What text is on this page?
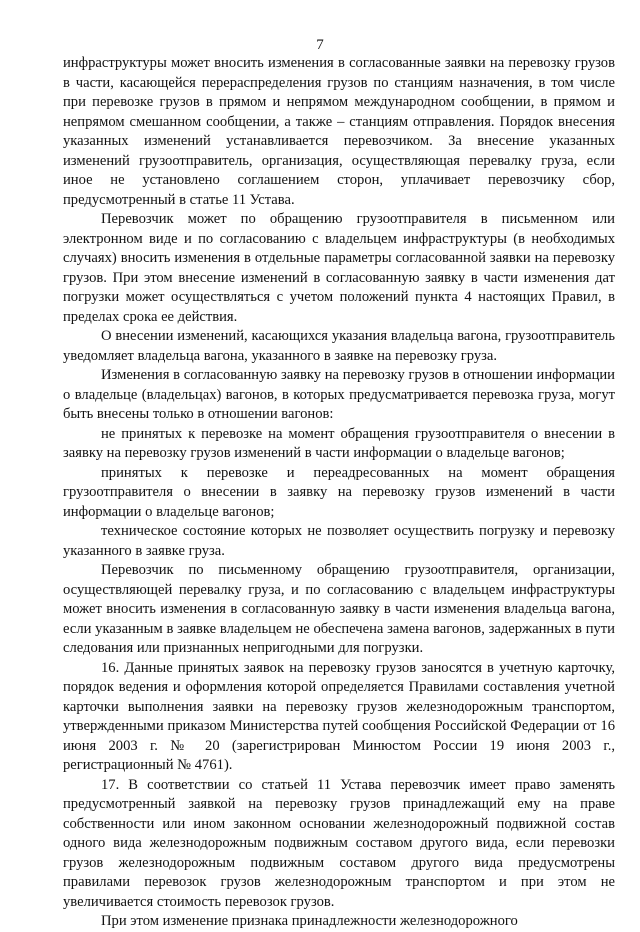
7

инфраструктуры может вносить изменения в согласованные заявки на перевозку грузов в части, касающейся перераспределения грузов по станциям назначения, в том числе при перевозке грузов в прямом и непрямом международном сообщении, в прямом и непрямом смешанном сообщении, а также – станциям отправления. Порядок внесения указанных изменений устанавливается перевозчиком. За внесение указанных изменений грузоотправитель, организация, осуществляющая перевалку груза, если иное не установлено соглашением сторон, уплачивает перевозчику сбор, предусмотренный в статье 11 Устава.

Перевозчик может по обращению грузоотправителя в письменном или электронном виде и по согласованию с владельцем инфраструктуры (в необходимых случаях) вносить изменения в отдельные параметры согласованной заявки на перевозку грузов. При этом внесение изменений в согласованную заявку в части изменения дат погрузки может осуществляться с учетом положений пункта 4 настоящих Правил, в пределах срока ее действия.

О внесении изменений, касающихся указания владельца вагона, грузоотправитель уведомляет владельца вагона, указанного в заявке на перевозку груза.

Изменения в согласованную заявку на перевозку грузов в отношении информации о владельце (владельцах) вагонов, в которых предусматривается перевозка груза, могут быть внесены только в отношении вагонов:

не принятых к перевозке на момент обращения грузоотправителя о внесении в заявку на перевозку грузов изменений в части информации о владельце вагонов;

принятых к перевозке и переадресованных на момент обращения грузоотправителя о внесении в заявку на перевозку грузов изменений в части информации о владельце вагонов;

техническое состояние которых не позволяет осуществить погрузку и перевозку указанного в заявке груза.

Перевозчик по письменному обращению грузоотправителя, организации, осуществляющей перевалку груза, и по согласованию с владельцем инфраструктуры может вносить изменения в согласованную заявку в части изменения владельца вагона, если указанным в заявке владельцем не обеспечена замена вагонов, задержанных в пути следования или признанных непригодными для погрузки.

16. Данные принятых заявок на перевозку грузов заносятся в учетную карточку, порядок ведения и оформления которой определяется Правилами составления учетной карточки выполнения заявки на перевозку грузов железнодорожным транспортом, утвержденными приказом Министерства путей сообщения Российской Федерации от 16 июня 2003 г. № 20 (зарегистрирован Минюстом России 19 июня 2003 г., регистрационный № 4761).

17. В соответствии со статьей 11 Устава перевозчик имеет право заменять предусмотренный заявкой на перевозку грузов принадлежащий ему на праве собственности или ином законном основании железнодорожный подвижной состав одного вида железнодорожным подвижным составом другого вида, если перевозки грузов железнодорожным подвижным составом другого вида предусмотрены правилами перевозок грузов железнодорожным транспортом и при этом не увеличивается стоимость перевозок грузов.

При этом изменение признака принадлежности железнодорожного
